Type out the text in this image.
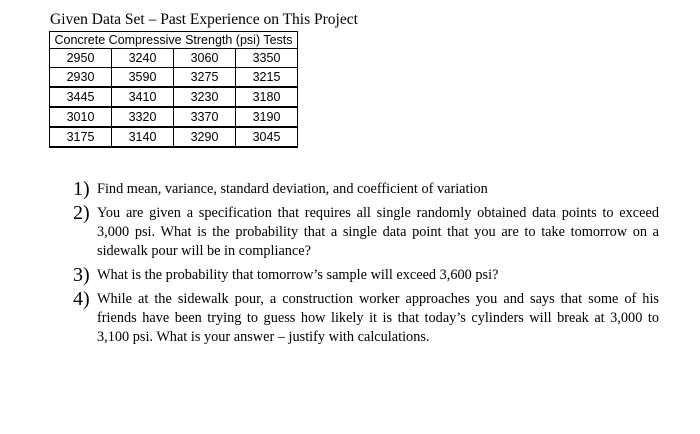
Given Data Set – Past Experience on This Project
Concrete Compressive Strength (psi) Tests			
2950	3240	3060	3350
2930	3590	3275	3215
3445	3410	3230	3180
3010	3320	3370	3190
3175	3140	3290	3045
1) Find mean, variance, standard deviation, and coefficient of variation
2) You are given a specification that requires all single randomly obtained data points to exceed 3,000 psi. What is the probability that a single data point that you are to take tomorrow on a sidewalk pour will be in compliance?
3) What is the probability that tomorrow’s sample will exceed 3,600 psi?
4) While at the sidewalk pour, a construction worker approaches you and says that some of his friends have been trying to guess how likely it is that today’s cylinders will break at 3,000 to 3,100 psi. What is your answer – justify with calculations.
